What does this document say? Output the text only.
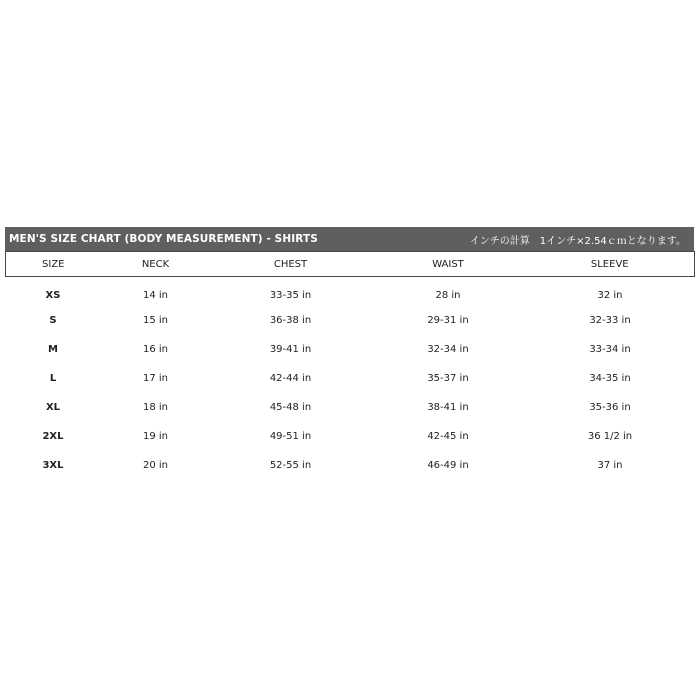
MEN'S SIZE CHART (BODY MEASUREMENT) - SHIRTS	インチの計算　1インチ×2.54ｃｍとなります。
SIZE	NECK	CHEST	WAIST	SLEEVE
XS	14 in	33-35 in	28 in	32 in
S	15 in	36-38 in	29-31 in	32-33 in
M	16 in	39-41 in	32-34 in	33-34 in
L	17 in	42-44 in	35-37 in	34-35 in
XL	18 in	45-48 in	38-41 in	35-36 in
2XL	19 in	49-51 in	42-45 in	36 1/2 in
3XL	20 in	52-55 in	46-49 in	37 in
